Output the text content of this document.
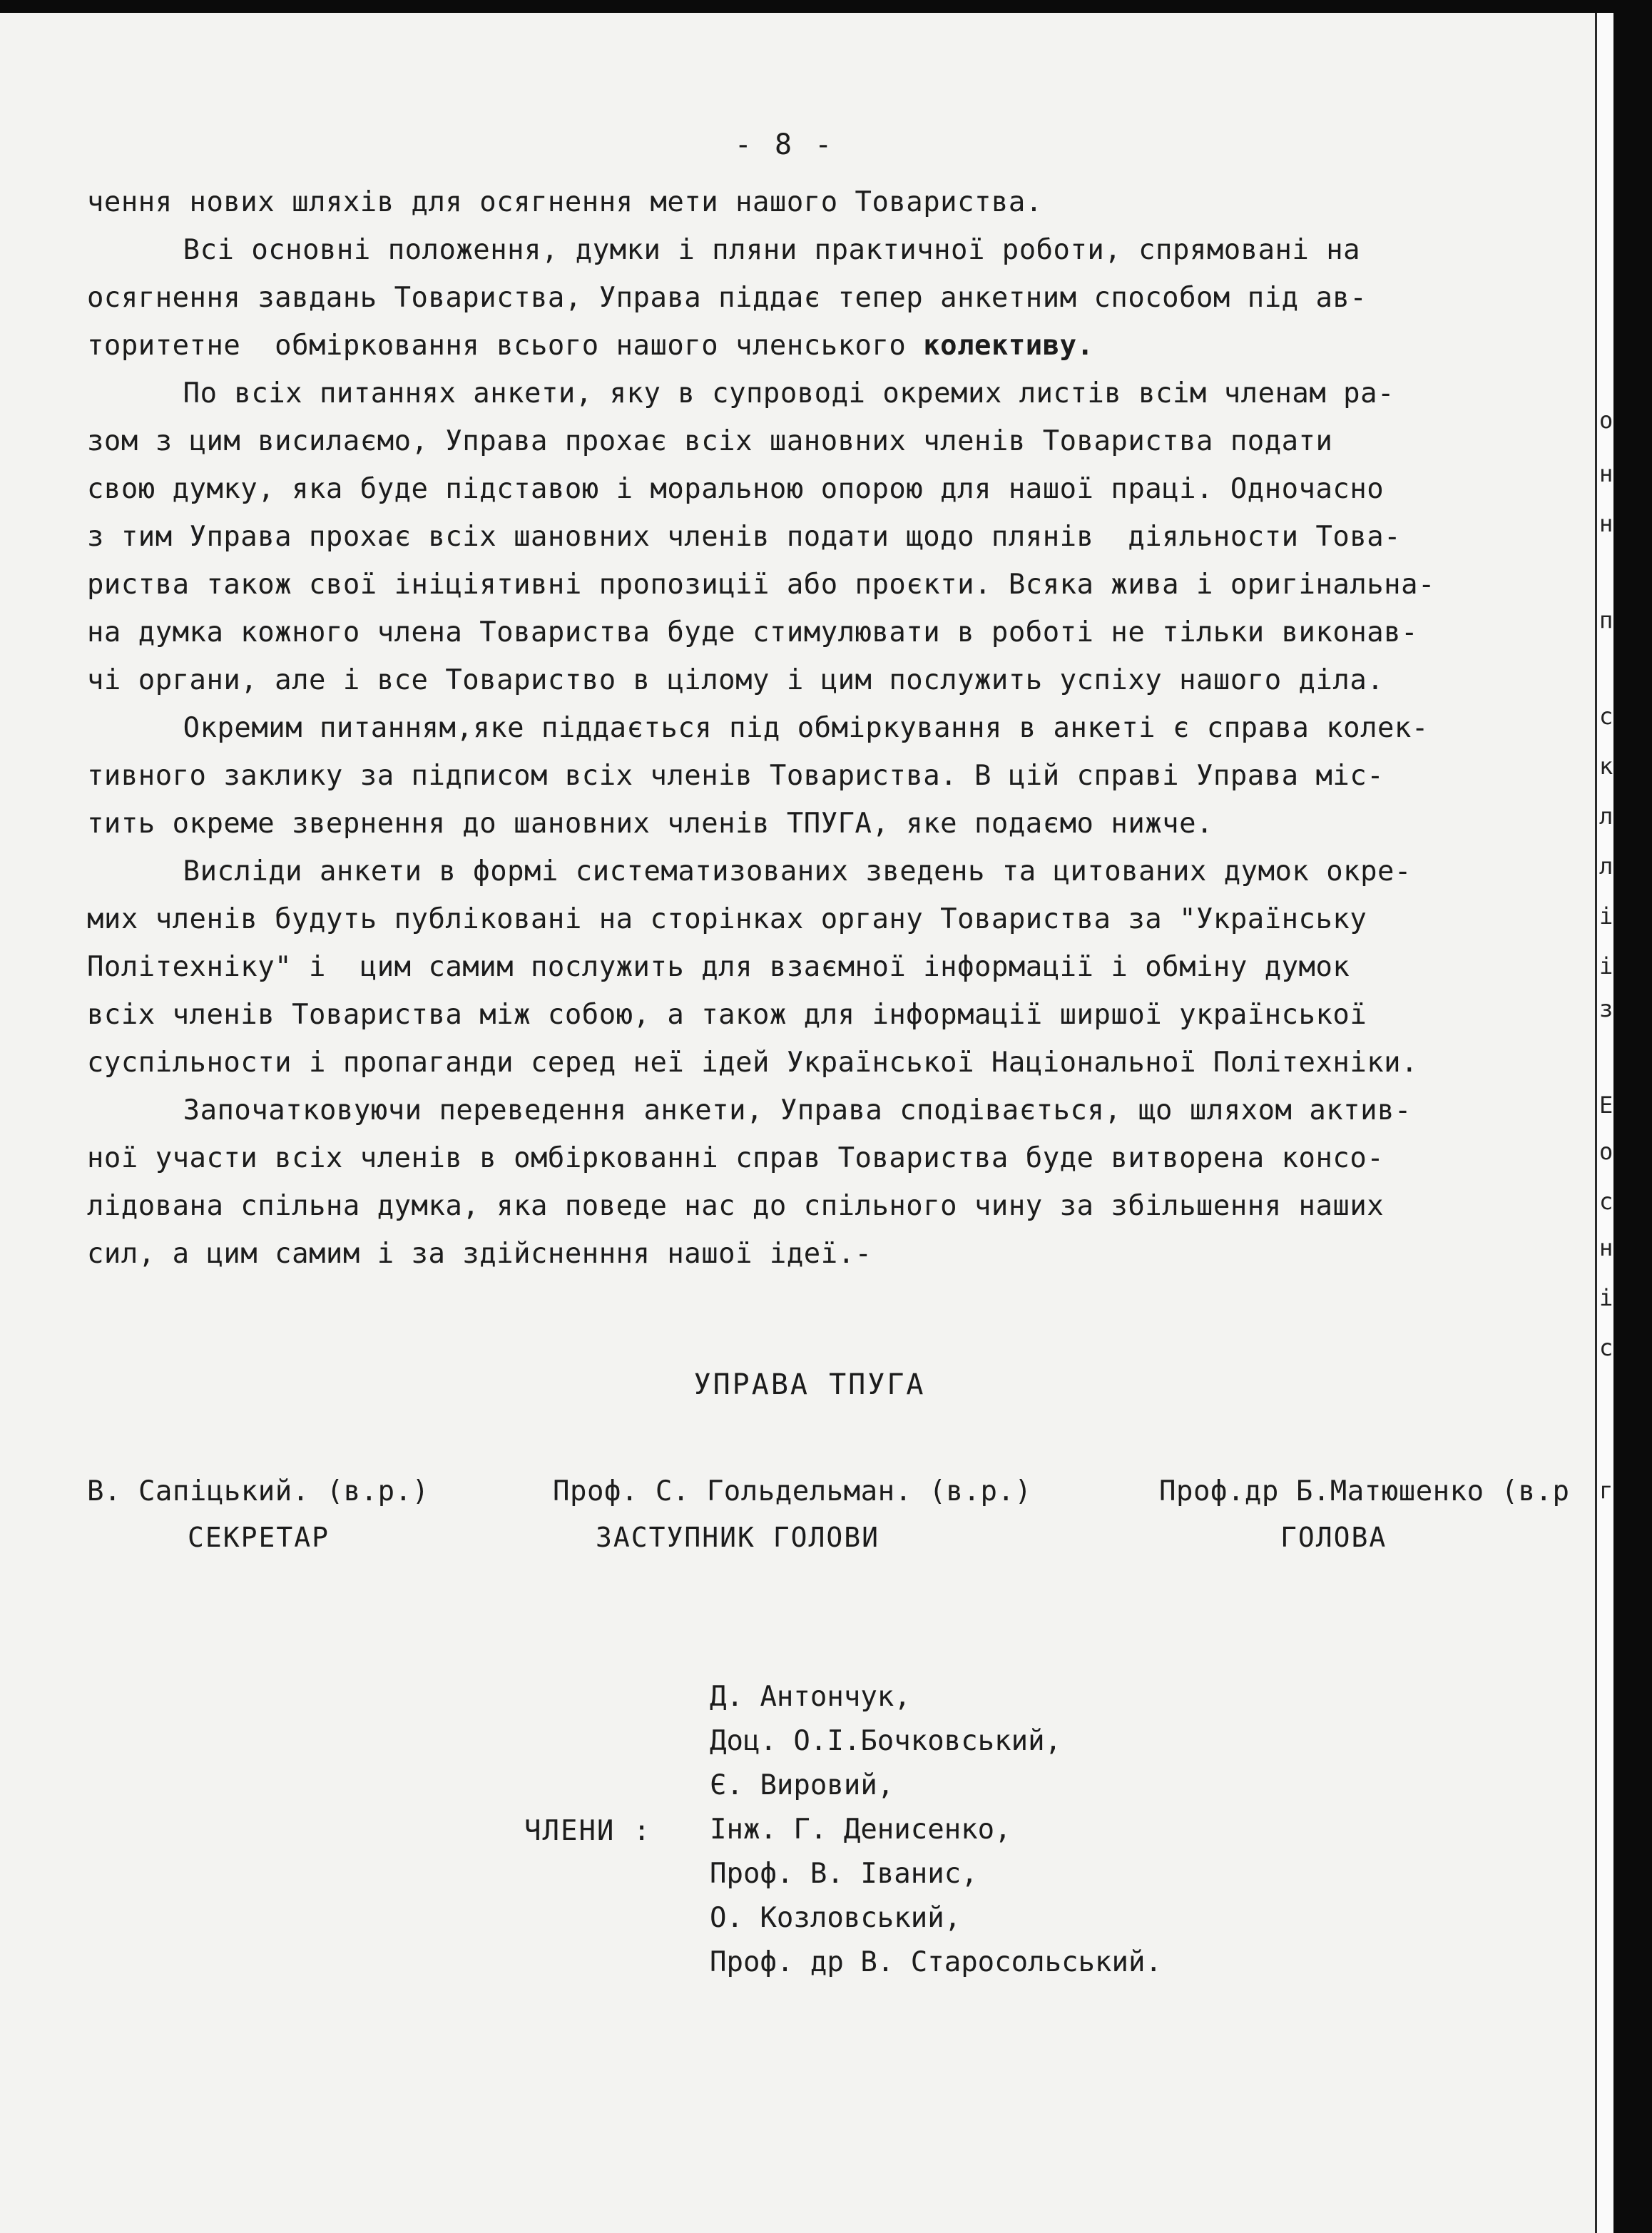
о
н
н
п
с
к
л
л
і
і
з
Е
о
с
н
і
с
г
- 8 -
чення нових шляхів для осягнення мети нашого Товариства.
Всі основні положення, думки і пляни практичної роботи, спрямовані на
осягнення завдань Товариства, Управа піддає тепер анкетним способом під ав-
торитетне  обмірковання всього нашого членського колективу.
По всіх питаннях анкети, яку в супроводі окремих листів всім членам ра-
зом з цим висилаємо, Управа прохає всіх шановних членів Товариства подати
свою думку, яка буде підставою і моральною опорою для нашої праці. Одночасно
з тим Управа прохає всіх шановних членів подати щодо плянів  діяльности Това-
риства також свої ініціятивні пропозиції або проєкти. Всяка жива і оригінальна-
на думка кожного члена Товариства буде стимулювати в роботі не тільки виконав-
чі органи, але і все Товариство в цілому і цим послужить успіху нашого діла.
Окремим питанням,яке піддається під обміркування в анкеті є справа колек-
тивного заклику за підписом всіх членів Товариства. В цій справі Управа міс-
тить окреме звернення до шановних членів ТПУГА, яке подаємо нижче.
Вислiди анкети в формі систематизованих зведень та цитованих думок окре-
мих членів будуть публіковані на сторінках органу Товариства за "Українську
Політехніку" і  цим самим послужить для взаємної інформації і обміну думок
всіх членів Товариства між собою, а також для інформації ширшої української
суспільности і пропаганди серед неї ідей Української Національної Політехніки.
Започатковуючи переведення анкети, Управа сподівається, що шляхом актив-
ної участи всіх членів в омбіркованні справ Товариства буде витворена консо-
лідована спільна думка, яка поведе нас до спільного чину за збільшення наших
сил, а цим самим і за здійсненння нашої ідеї.-
УПРАВА ТПУГА
В. Сапіцький. (в.р.)	Проф. С. Гольдельман. (в.р.)	Проф.др Б.Матюшенко (в.р
СЕКРЕТАР	ЗАСТУПНИК ГОЛОВИ	ГОЛОВА
ЧЛЕНИ :
Д. Антончук,
Доц. О.І.Бочковський,
Є. Вировий,
Інж. Г. Денисенко,
Проф. В. Іванис,
О. Козловський,
Проф. др В. Старосольський.
